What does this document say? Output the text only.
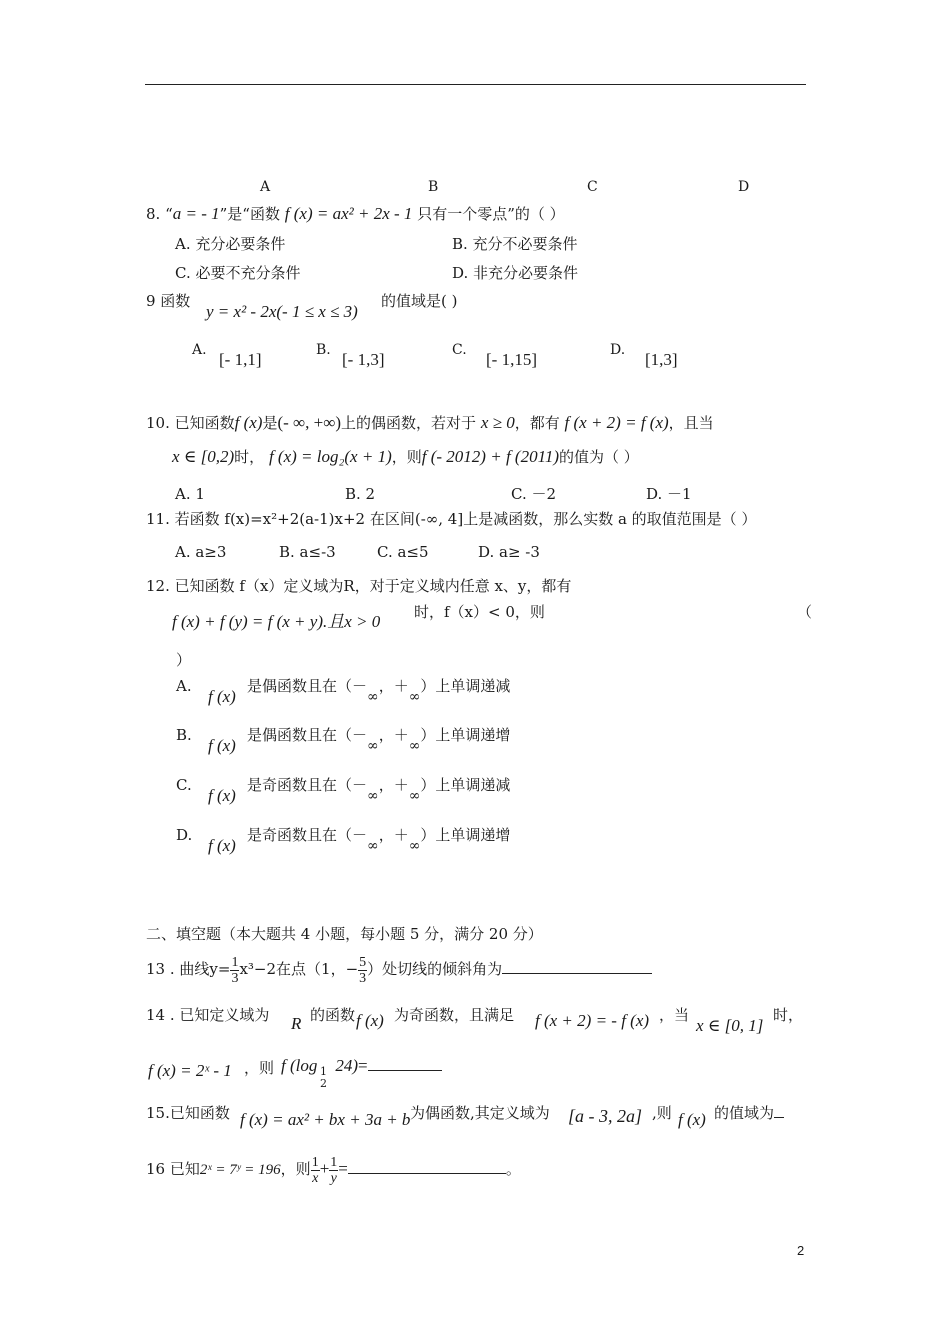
A	B	C	D
8. “a = - 1”是“函数 f (x) = ax² + 2x - 1 只有一个零点”的（ ）
A. 充分必要条件	B. 充分不必要条件
C. 必要不充分条件	D. 非充分必要条件
9 函数
y = x² - 2x(- 1 ≤ x ≤ 3)
的值域是( )
A. [- 1,1]	B. [- 1,3]	C. [- 1,15]	D. [1,3]
10. 已知函数f (x)是(- ∞, +∞)上的偶函数，若对于 x ≥ 0，都有 f (x + 2) = f (x)，且当
x ∈ [0,2)时， f (x) = log₂(x + 1)，则f (- 2012) + f (2011)的值为（ ）
A. 1	B. 2	C. －2	D. －1
11. 若函数 f(x)=x²+2(a-1)x+2 在区间(-∞, 4]上是减函数，那么实数 a 的取值范围是（ ）
A. a≥3	B. a≤-3	C. a≤5	D. a≥ -3
12. 已知函数 f（x）定义域为R，对于定义域内任意 x、y，都有
f (x) + f (y) = f (x + y).且x > 0 时，f（x）< 0，则	（
）
A.
f (x)
是偶函数且在（－∞，＋∞）上单调递减
B.
f (x)
是偶函数且在（－∞，＋∞）上单调递增
C.
f (x)
是奇函数且在（－∞，＋∞）上单调递减
D.
f (x)
是奇函数且在（－∞，＋∞）上单调递增
二、填空题（本大题共 4 小题，每小题 5 分，满分 20 分）
13 . 曲线$y= \frac{1}{3} x^3-2$在点（1，− $\frac{5}{3}$ ）处切线的倾斜角为
14 . 已知定义域为 R 的函数 f (x) 为奇函数，且满足 f (x + 2) = - f (x) ，当
x ∈ [0, 1]
时，
f (x) = 2ˣ - 1 ，则 f (log 24)=
1
2
15.已知函数 f (x) = ax² + bx + 3a + b 为偶函数,其定义域为 [a - 3, 2a] ,则 f (x) 的值域为
16 已知2ˣ = 7ʸ = 196，则 $\frac{1}{x} + \frac{1}{y}$ =	。
2
